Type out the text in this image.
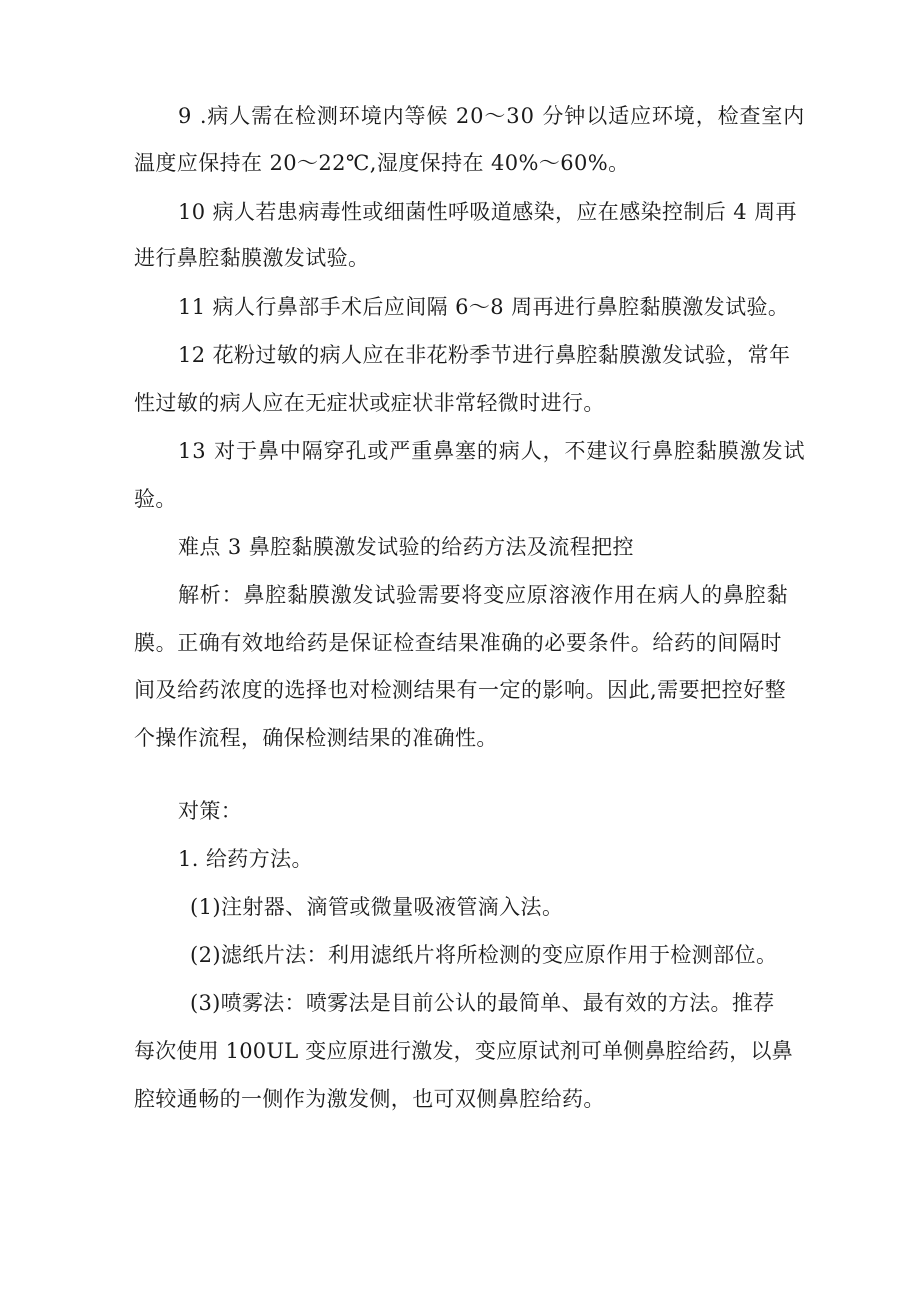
9 .病人需在检测环境内等候 20～30 分钟以适应环境，检查室内
温度应保持在 20～22℃,湿度保持在 40%～60%。
10 病人若患病毒性或细菌性呼吸道感染，应在感染控制后 4 周再
进行鼻腔黏膜激发试验。
11 病人行鼻部手术后应间隔 6～8 周再进行鼻腔黏膜激发试验。
12 花粉过敏的病人应在非花粉季节进行鼻腔黏膜激发试验，常年
性过敏的病人应在无症状或症状非常轻微时进行。
13 对于鼻中隔穿孔或严重鼻塞的病人，不建议行鼻腔黏膜激发试
验。
难点 3 鼻腔黏膜激发试验的给药方法及流程把控
解析：鼻腔黏膜激发试验需要将变应原溶液作用在病人的鼻腔黏
膜。正确有效地给药是保证检查结果准确的必要条件。给药的间隔时
间及给药浓度的选择也对检测结果有一定的影响。因此,需要把控好整
个操作流程，确保检测结果的准确性。
对策：
1. 给药方法。
(1)注射器、滴管或微量吸液管滴入法。
(2)滤纸片法：利用滤纸片将所检测的变应原作用于检测部位。
(3)喷雾法：喷雾法是目前公认的最简单、最有效的方法。推荐
每次使用 100UL 变应原进行激发，变应原试剂可单侧鼻腔给药，以鼻
腔较通畅的一侧作为激发侧，也可双侧鼻腔给药。
